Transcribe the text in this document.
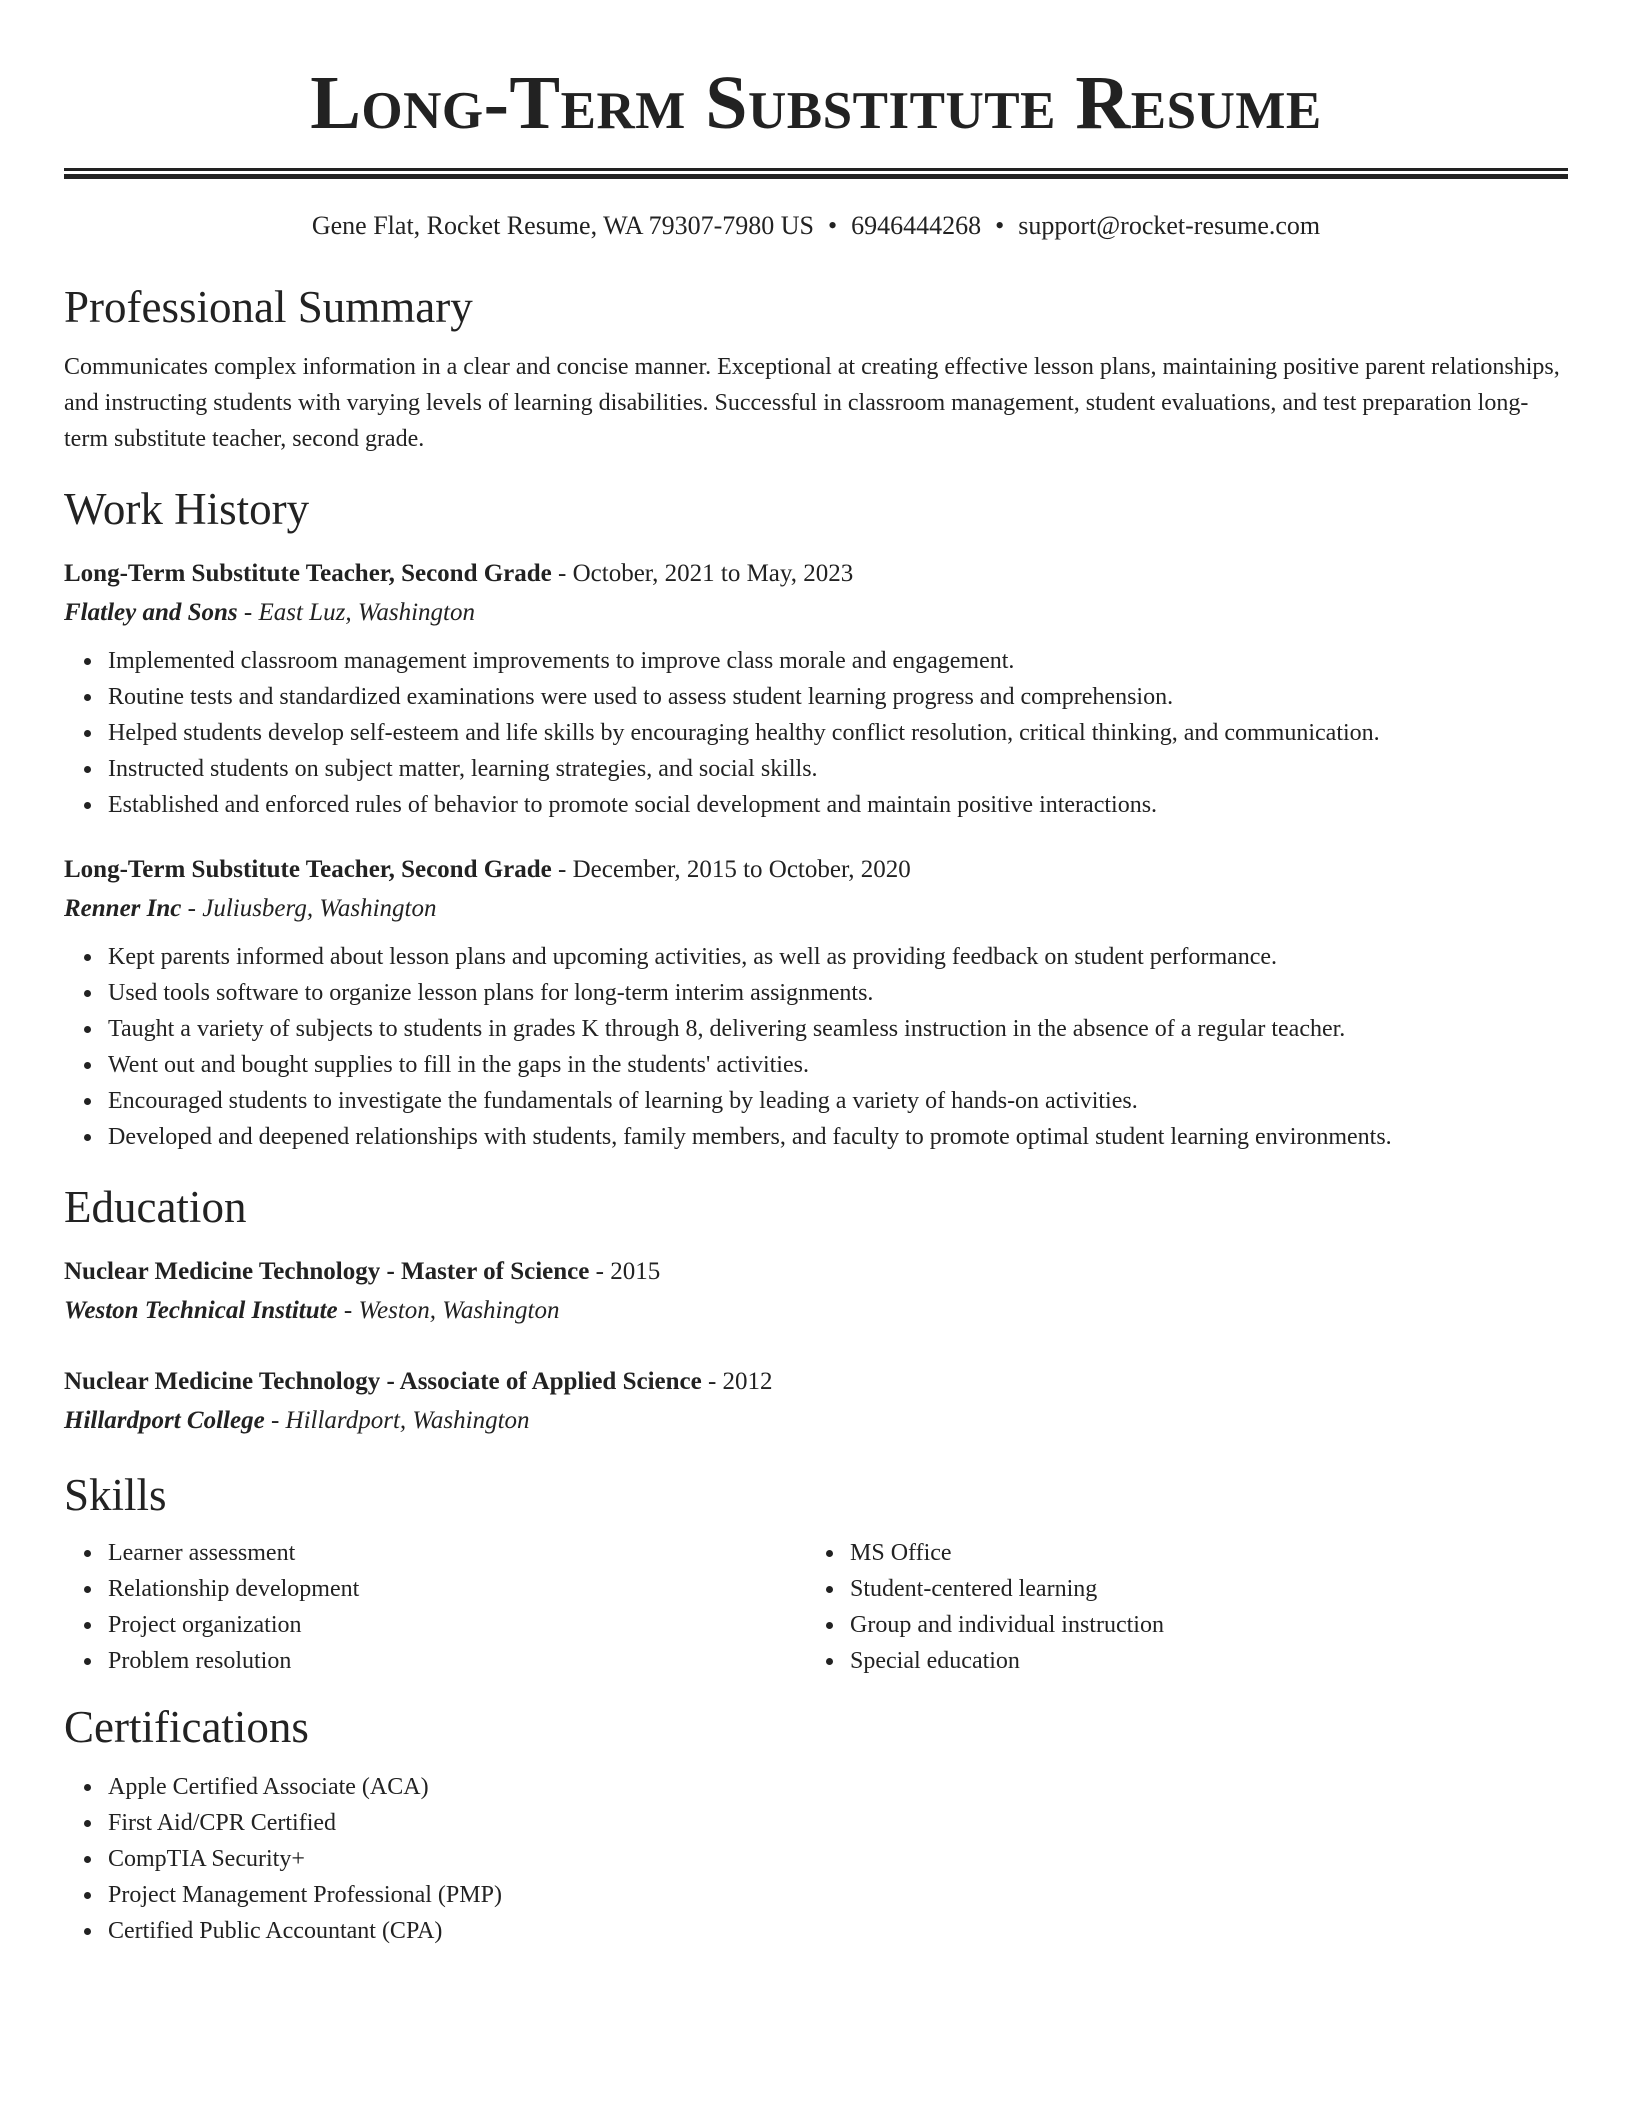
Long-Term Substitute Resume
Gene Flat, Rocket Resume, WA 79307-7980 US • 6946444268 • support@rocket-resume.com
Professional Summary

Communicates complex information in a clear and concise manner. Exceptional at creating effective lesson plans, maintaining positive parent relationships, and instructing students with varying levels of learning disabilities. Successful in classroom management, student evaluations, and test preparation long-term substitute teacher, second grade.

Work History
Long-Term Substitute Teacher, Second Grade - October, 2021 to May, 2023
Flatley and Sons - East Luz, Washington
Implemented classroom management improvements to improve class morale and engagement.
Routine tests and standardized examinations were used to assess student learning progress and comprehension.
Helped students develop self-esteem and life skills by encouraging healthy conflict resolution, critical thinking, and communication.
Instructed students on subject matter, learning strategies, and social skills.
Established and enforced rules of behavior to promote social development and maintain positive interactions.
Long-Term Substitute Teacher, Second Grade - December, 2015 to October, 2020
Renner Inc - Juliusberg, Washington
Kept parents informed about lesson plans and upcoming activities, as well as providing feedback on student performance.
Used tools software to organize lesson plans for long-term interim assignments.
Taught a variety of subjects to students in grades K through 8, delivering seamless instruction in the absence of a regular teacher.
Went out and bought supplies to fill in the gaps in the students' activities.
Encouraged students to investigate the fundamentals of learning by leading a variety of hands-on activities.
Developed and deepened relationships with students, family members, and faculty to promote optimal student learning environments.
Education
Nuclear Medicine Technology - Master of Science - 2015
Weston Technical Institute - Weston, Washington
Nuclear Medicine Technology - Associate of Applied Science - 2012
Hillardport College - Hillardport, Washington
Skills
Learner assessment
Relationship development
Project organization
Problem resolution
MS Office
Student-centered learning
Group and individual instruction
Special education
Certifications
Apple Certified Associate (ACA)
First Aid/CPR Certified
CompTIA Security+
Project Management Professional (PMP)
Certified Public Accountant (CPA)
